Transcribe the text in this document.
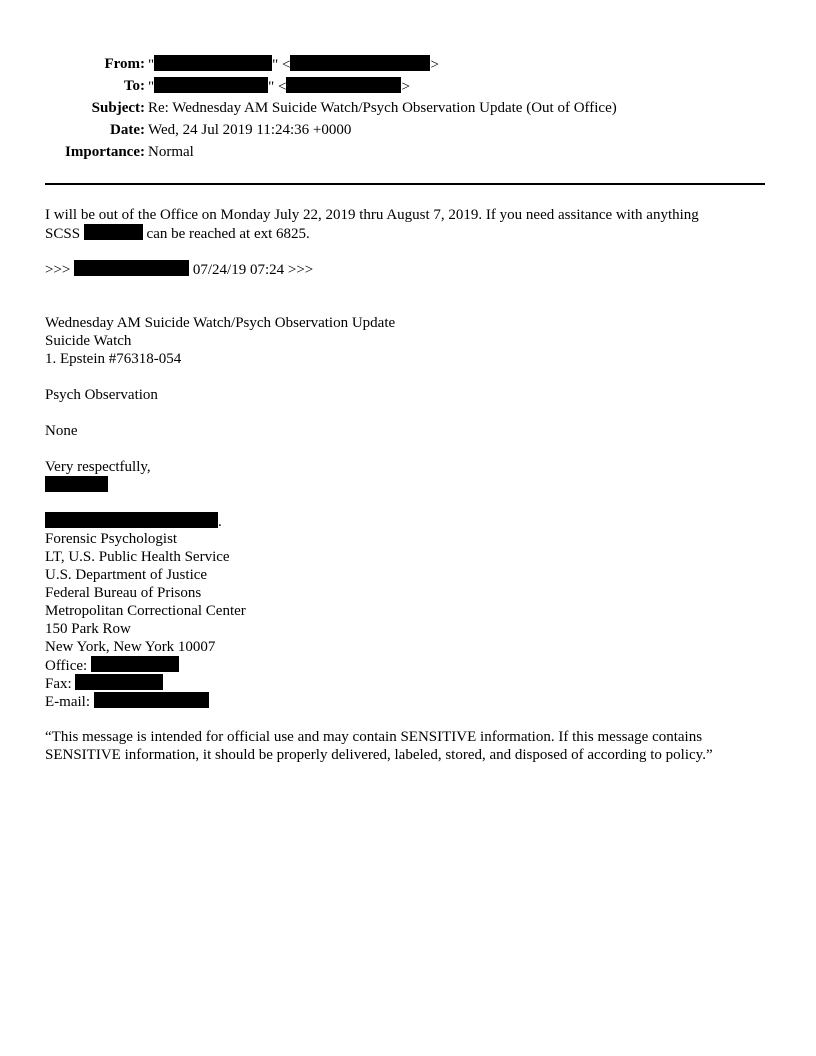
From: "	" <	>
To: "	" <	>
Subject: Re: Wednesday AM Suicide Watch/Psych Observation Update (Out of Office)
Date: Wed, 24 Jul 2019 11:24:36 +0000
Importance: Normal
I will be out of the Office on Monday July 22, 2019 thru August 7, 2019. If you need assitance with anything
SCSS	can be reached at ext 6825.
>>>	07/24/19 07:24 >>>
Wednesday AM Suicide Watch/Psych Observation Update
Suicide Watch
1. Epstein #76318-054
Psych Observation
None
Very respectfully,
.
Forensic Psychologist
LT, U.S. Public Health Service
U.S. Department of Justice
Federal Bureau of Prisons
Metropolitan Correctional Center
150 Park Row
New York, New York 10007
Office:
Fax:
E-mail:
“This message is intended for official use and may contain SENSITIVE information. If this message contains
SENSITIVE information, it should be properly delivered, labeled, stored, and disposed of according to policy.”
